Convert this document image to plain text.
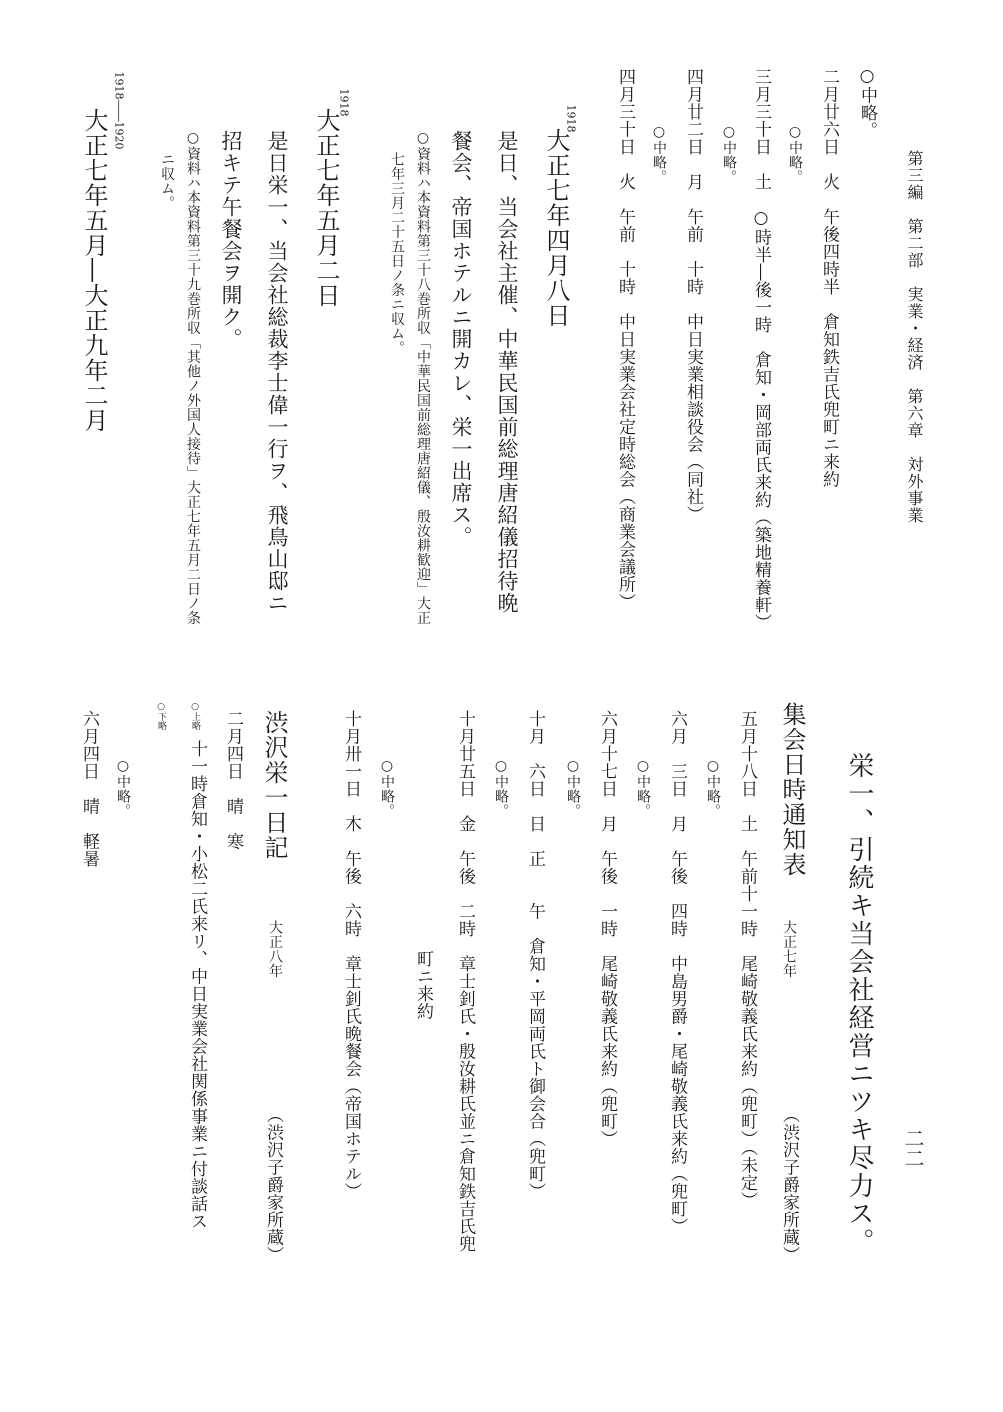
第三編　第二部　実業・経済　第六章　対外事業
二二
○中略。
二月廿六日　火　午後四時半　倉知鉄吉氏兜町ニ来約
○中略。
三月三十日　土　○時半―後一時　倉知・岡部両氏来約（築地精養軒）
○中略。
四月廿二日　月　午前　十時　中日実業相談役会（同社）
○中略。
四月三十日　火　午前　十時　中日実業会社定時総会（商業会議所）
1918
大正七年四月八日
是日、当会社主催、中華民国前総理唐紹儀招待晩
餐会、帝国ホテルニ開カレ、栄一出席ス。
○資料ハ本資料第三十八巻所収「中華民国前総理唐紹儀、殷汝耕歓迎」大正
七年三月二十五日ノ条ニ収ム。
1918
大正七年五月二日
是日栄一、当会社総裁李士偉一行ヲ、飛鳥山邸ニ
招キテ午餐会ヲ開ク。
○資料ハ本資料第三十九巻所収「其他ノ外国人接待」大正七年五月二日ノ条
ニ収ム。
1918――1920
大正七年五月―大正九年二月
栄一、引続キ当会社経営ニツキ尽力ス。
集会日時通知表
大正七年
（渋沢子爵家所蔵）
五月十八日　土　午前十一時　尾崎敬義氏来約（兜町）（未定）
○中略。
六月　三日　月　午後　四時　中島男爵・尾崎敬義氏来約（兜町）
○中略。
六月十七日　月　午後　一時　尾崎敬義氏来約（兜町）
○中略。
十月　六日　日　正　　午　倉知・平岡両氏ト御会合（兜町）
○中略。
十月廿五日　金　午後　二時　章士釗氏・殷汝耕氏並ニ倉知鉄吉氏兜
町ニ来約
○中略。
十月卅一日　木　午後　六時　章士釗氏晩餐会（帝国ホテル）
渋沢栄一日記
大正八年
（渋沢子爵家所蔵）
二月四日　晴　寒
○上略
十一時倉知・小松二氏来リ、中日実業会社関係事業ニ付談話ス
○下略
○中略。
六月四日　晴　軽暑
